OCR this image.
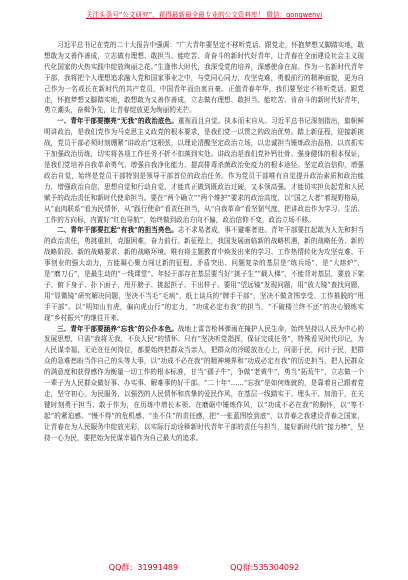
关注头条号“公文研究”，获得最新最全最专业的公文资料库！ 微信：gongwenyi

习近平总书记在党的二十大报告中强调：“广大青年要坚定不移听党话、跟党走，怀抱梦想又脚踏实地，敢想敢为又善作善成，立志做有理想、敢担当、能吃苦、肯奋斗的新时代好青年，让青春在全面建设社会主义现代化国家的火热实践中绽放绚丽之花。”生逢伟大时代，我深受党的培养，深感使命在肩。作为一名新时代青年干部，我将把个人理想追求融入党和国家事业之中，与党同心同力，攻坚克难，勇毅前行的精神面貌，更为自己作为一名或长在新时代的共产党员，中国青年而由衷自豪。正值青春年华，我们要坚定不移听党话、跟党走，怀抱梦想又脚踏实地，敢想敢为又善作善成，立志做有理想、敢担当、能吃苦、肯奋斗的新时代好青年，勇立潮头，奋楫争先，让青春绽放更为绚丽的光芒。

一、青年干部要擦亮“无我”的政治底色。重视而且自觉。执本而末自从。习近平总书记深刻指出，旗帜鲜明讲政治，是我们党作为马克思主义政党的根本要求，是我们党一以贯之的政治优势。踏上新征程，迎接新挑战，党员干部必须时刻绷紧“讲政治”这根弦，以理论清醒坚定政治立场，以忠诚担当锤炼政治品格，以真抓实干加强政治历练，切实将各项工作任务不折不扣落到实处。讲政治是我们党补钙壮骨、强身健体的根本保证，是我们党培养自我革命勇气、增强自我净化能力、提高排毒杀菌政治免疫力的根本途径。坚定政治信仰，增强政治自觉，始终是党员干部特别是领导干部首位的政治任务。作为党员干部唯有自觉提升政治素质和政治能力，增强政治自信，思想自觉和行动自觉，才能真正做到既政治过硬，又本领高强。才能切实担负起党和人民赋予的政治责任和新时代使命担当。要在“两个确立”“两个维护”要求的政治高度，以“国之大者”着现野格局，从“血肉联系”看为民情怀，从“践行使命”看责任担当，从“自我革命”看坚韧气度，把讲政治作为学习、生活、工作的方向标，内置好“红色导航”，始终做到政治方向不偏，政治信仰不变，政治立场不移。

二、青年干部要扛起“有我”的担当亮色。志不求易者成，事不避难者进。青年干部要扛起敢为人先和担当的政治责任，勇挑重担，克服困难，奋力前行。新征程上，我国发展面临新的战略机遇，新的战略任务、新的战略阶段、新的战略要求、新的战略环境。唯有将主题教育中焕发出来的学习、工作热情转化为攻坚克难、干事创业的强大动力，方能凝心聚力闯过新的征程。矛盾突出、问题复杂的基层是“练兵场”，是“大熔炉”，是“磨刀石”，是最生动的“一线课堂”。年轻干部存在基层要当好“挑子生”“载人梯”，不能背对基层，要放下架子、俯下身子、扑下面子，甩开膀子、挑起担子、干出样子。要用“望远镜”发现问题，用“放大镜”查找问题，用“显微镜”研究解决问题，坚决不当毛“毛病”，纸上谈兵的“牌手干部”，坚决不做贪图享受、工作推脱的“甩手干部”。以“明知山有虎，偏向虎山行”的定力，“功成必定有我”的担当，“不破楼兰终不还”的决心锻炼实现“乡村振兴”的继往开来。

三、青年干部要涵养“忘我”的公仆本色。战地上雷音枪林弹雨在掩护人民生命，始终坚持以人民为中心的发展思想，只需“我将无我，不负人民”的情怀。只有“坚决听党指挥，保证完成任务”，特殊看见时代印记，为人民谋幸福，无论在任何岗位，都要始终把群众当亲人，把群众的冷暖放在心上，问需于民，问计于民，把群众的急难愁盼当作自己的头等大事，以“功成不必在我”的精神境界和“功成必定有我”的历史担当，把人民群众的满意度和获得感作为衡量一切工作的根本标准，甘当“孺子牛”，争做“老黄牛”，勇当“拓荒牛”，立志做一个一辈子为人民群众做好事、办实事、解难事的好干部。“二十年”……“忘我”是如何炼就的，是靠着自己跟着党走，坚守初心，为民服务，以强烈的人民情怀和真挚的爱民作风，在基层一线踏实干、埋头干、加油干，在关键时刻勇于担当、敢于作为，在历练中增长本领、在磨砺中锤炼作风，以“功成不必在我”的胸怀，以“等不起”的紧迫感、“慢不得”的危机感、“坐不住”的责任感，把“一张蓝图绘到底”，以青春之我建设青春之国家，让青春在为人民服务中绽放光彩，以实际行动诠释新时代青年干部的责任与担当，接好新时代的“接力棒”，坚持一心为民，要把始为民谋幸福作为自己最大的追求。

QQ群：31991489	QQ群:535304092
